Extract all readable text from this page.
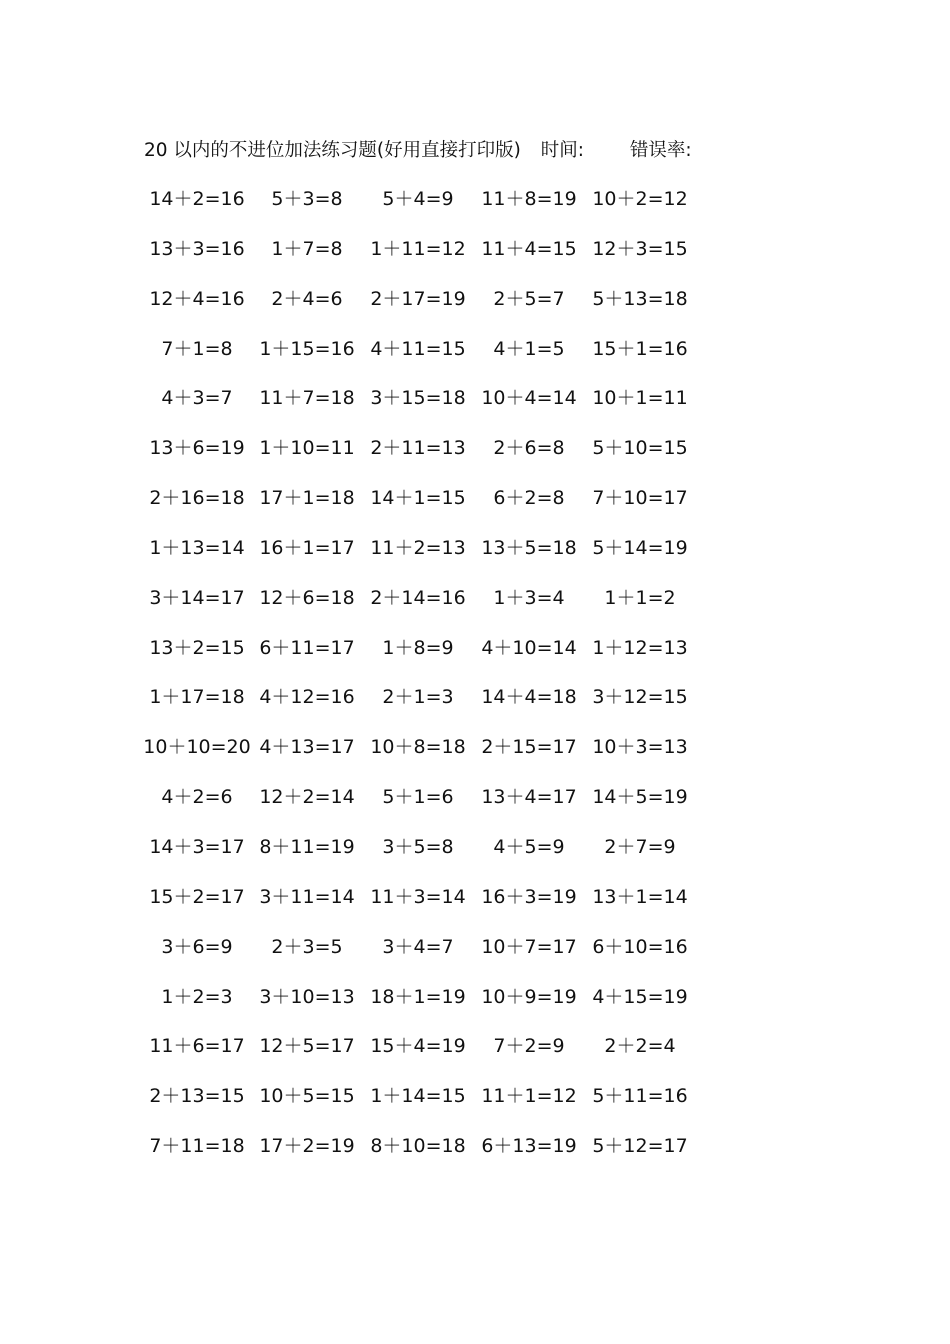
20 以内的不进位加法练习题(好用直接打印版) 时间: 错误率:
14＋2=16 5＋3=8 5＋4=9 11＋8=19 10＋2=12
13＋3=16 1＋7=8 1＋11=12 11＋4=15 12＋3=15
12＋4=16 2＋4=6 2＋17=19 2＋5=7 5＋13=18
7＋1=8 1＋15=16 4＋11=15 4＋1=5 15＋1=16
4＋3=7 11＋7=18 3＋15=18 10＋4=14 10＋1=11
13＋6=19 1＋10=11 2＋11=13 2＋6=8 5＋10=15
2＋16=18 17＋1=18 14＋1=15 6＋2=8 7＋10=17
1＋13=14 16＋1=17 11＋2=13 13＋5=18 5＋14=19
3＋14=17 12＋6=18 2＋14=16 1＋3=4 1＋1=2
13＋2=15 6＋11=17 1＋8=9 4＋10=14 1＋12=13
1＋17=18 4＋12=16 2＋1=3 14＋4=18 3＋12=15
10＋10=20 4＋13=17 10＋8=18 2＋15=17 10＋3=13
4＋2=6 12＋2=14 5＋1=6 13＋4=17 14＋5=19
14＋3=17 8＋11=19 3＋5=8 4＋5=9 2＋7=9
15＋2=17 3＋11=14 11＋3=14 16＋3=19 13＋1=14
3＋6=9 2＋3=5 3＋4=7 10＋7=17 6＋10=16
1＋2=3 3＋10=13 18＋1=19 10＋9=19 4＋15=19
11＋6=17 12＋5=17 15＋4=19 7＋2=9 2＋2=4
2＋13=15 10＋5=15 1＋14=15 11＋1=12 5＋11=16
7＋11=18 17＋2=19 8＋10=18 6＋13=19 5＋12=17
